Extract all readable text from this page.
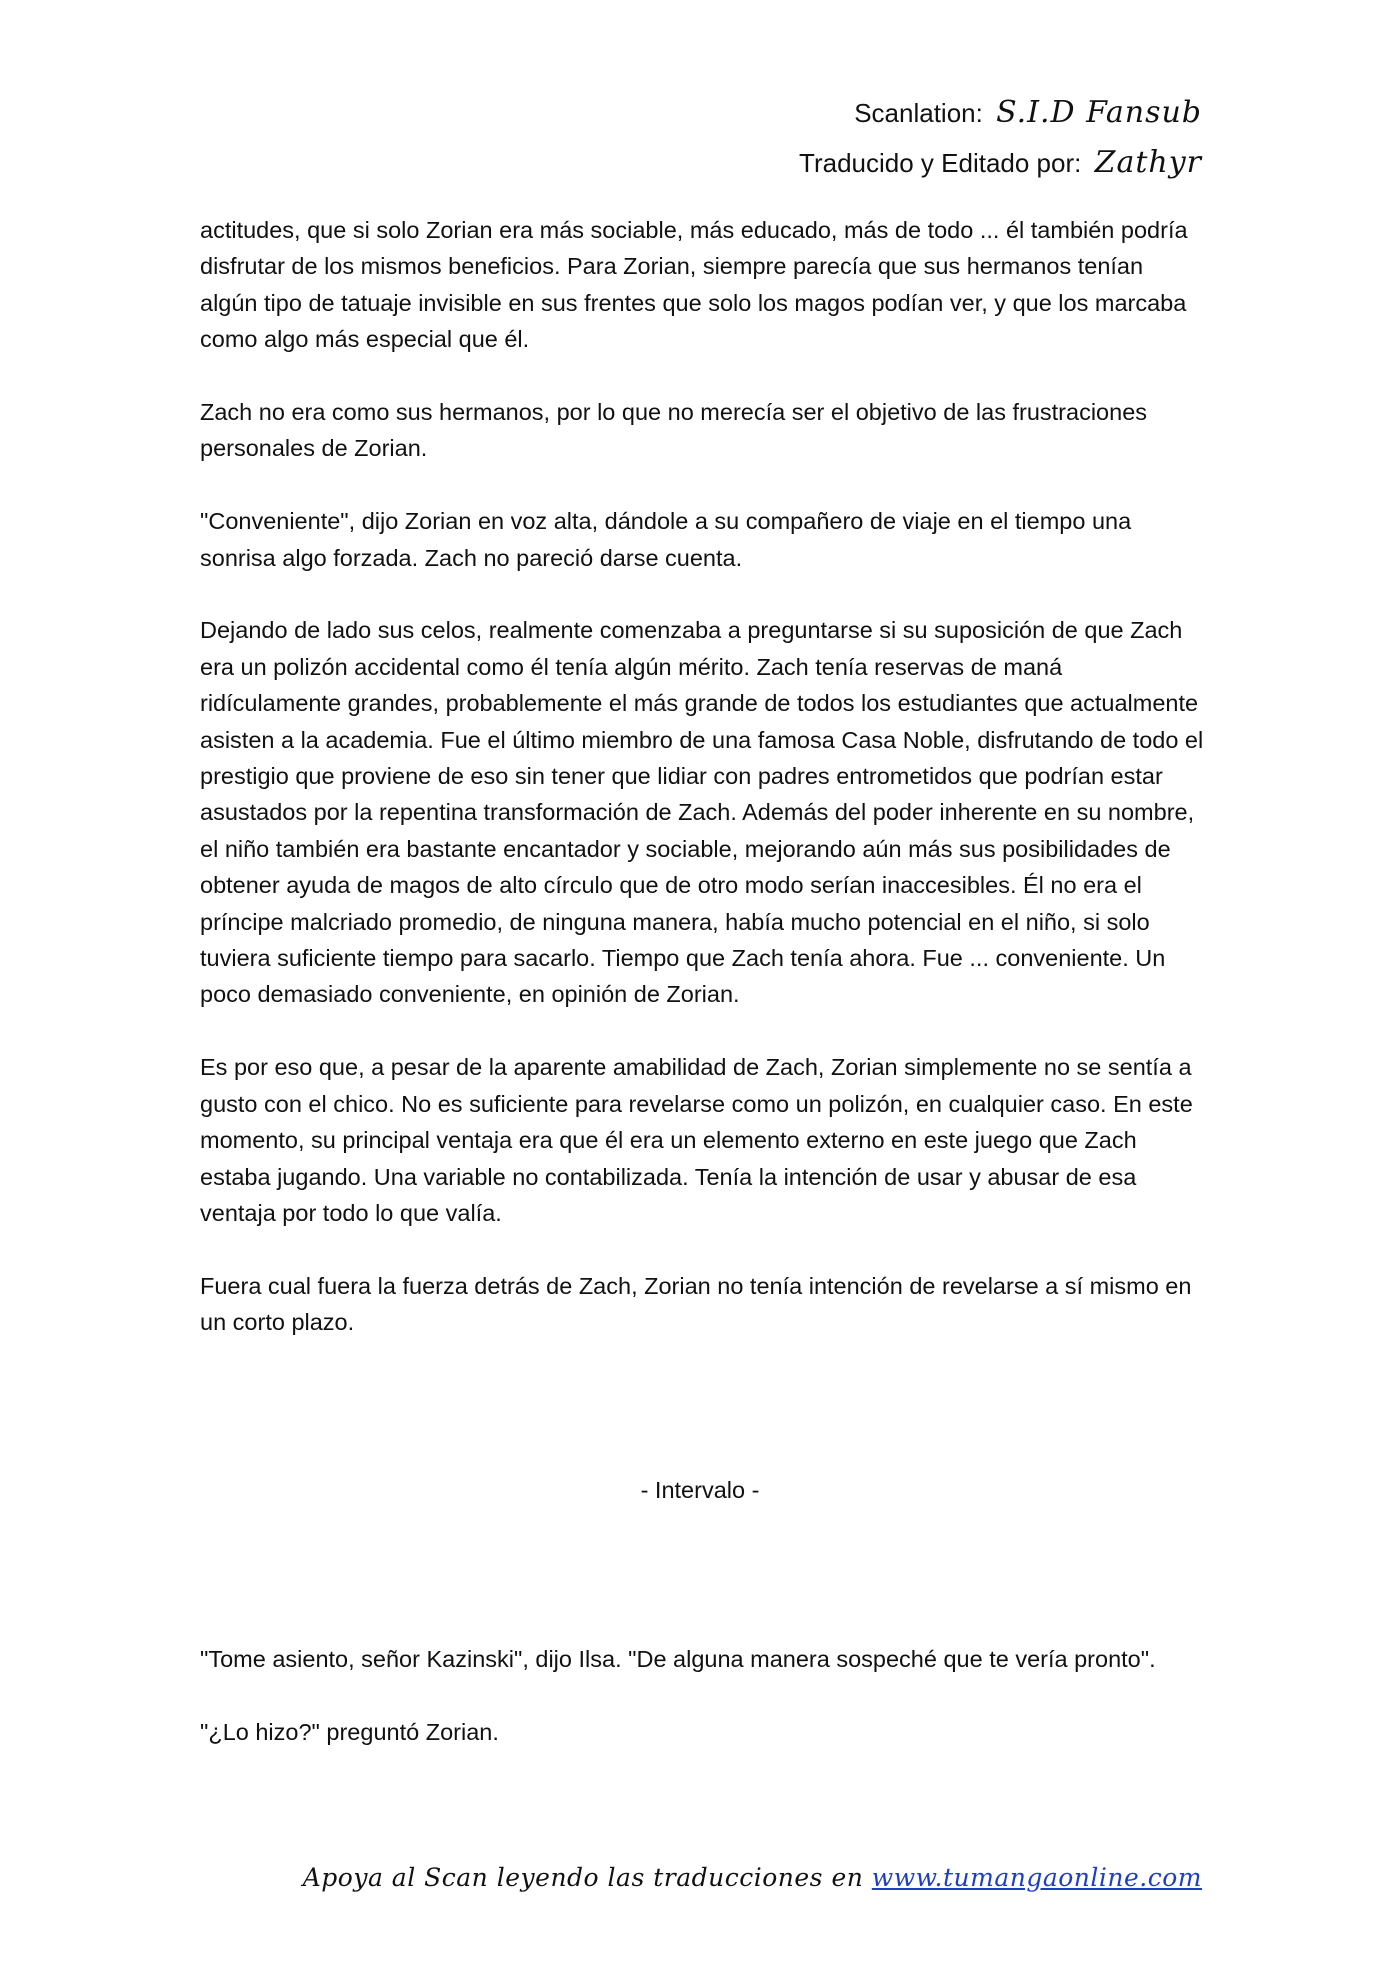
Scanlation: S.I.D Fansub
Traducido y Editado por: Zathyr

actitudes, que si solo Zorian era más sociable, más educado, más de todo ... él también podría disfrutar de los mismos beneficios. Para Zorian, siempre parecía que sus hermanos tenían algún tipo de tatuaje invisible en sus frentes que solo los magos podían ver, y que los marcaba como algo más especial que él.

Zach no era como sus hermanos, por lo que no merecía ser el objetivo de las frustraciones personales de Zorian.

"Conveniente", dijo Zorian en voz alta, dándole a su compañero de viaje en el tiempo una sonrisa algo forzada. Zach no pareció darse cuenta.

Dejando de lado sus celos, realmente comenzaba a preguntarse si su suposición de que Zach era un polizón accidental como él tenía algún mérito. Zach tenía reservas de maná ridículamente grandes, probablemente el más grande de todos los estudiantes que actualmente asisten a la academia. Fue el último miembro de una famosa Casa Noble, disfrutando de todo el prestigio que proviene de eso sin tener que lidiar con padres entrometidos que podrían estar asustados por la repentina transformación de Zach. Además del poder inherente en su nombre, el niño también era bastante encantador y sociable, mejorando aún más sus posibilidades de obtener ayuda de magos de alto círculo que de otro modo serían inaccesibles. Él no era el príncipe malcriado promedio, de ninguna manera, había mucho potencial en el niño, si solo tuviera suficiente tiempo para sacarlo. Tiempo que Zach tenía ahora. Fue ... conveniente. Un poco demasiado conveniente, en opinión de Zorian.

Es por eso que, a pesar de la aparente amabilidad de Zach, Zorian simplemente no se sentía a gusto con el chico. No es suficiente para revelarse como un polizón, en cualquier caso. En este momento, su principal ventaja era que él era un elemento externo en este juego que Zach estaba jugando. Una variable no contabilizada. Tenía la intención de usar y abusar de esa ventaja por todo lo que valía.

Fuera cual fuera la fuerza detrás de Zach, Zorian no tenía intención de revelarse a sí mismo en un corto plazo.

- Intervalo -

"Tome asiento, señor Kazinski", dijo Ilsa. "De alguna manera sospeché que te vería pronto".

"¿Lo hizo?" preguntó Zorian.

Apoya al Scan leyendo las traducciones en www.tumangaonline.com
